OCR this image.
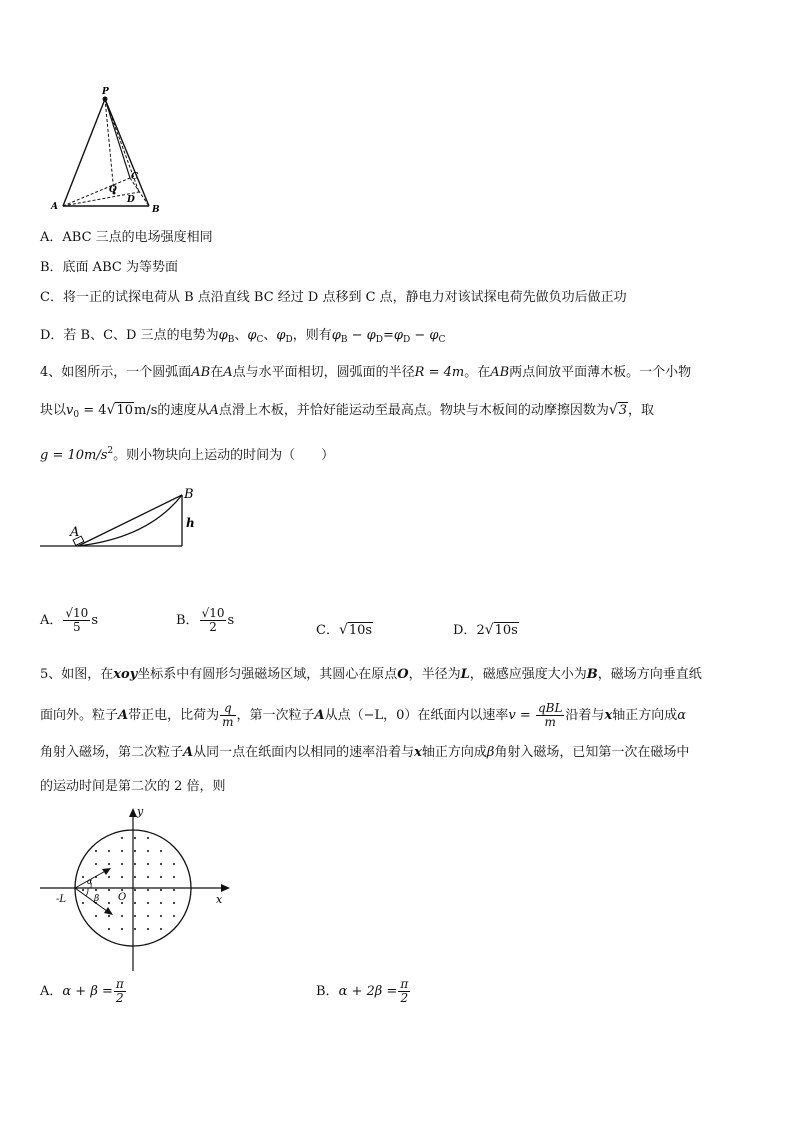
P
A	B
C
D
O
A．ABC 三点的电场强度相同
B．底面 ABC 为等势面
C．将一正的试探电荷从 B 点沿直线 BC 经过 D 点移到 C 点，静电力对该试探电荷先做负功后做正功
D．若 B、C、D 三点的电势为$\varphi_B$、$\varphi_C$、$\varphi_D$，则有$\varphi_B - \varphi_D=\varphi_D - \varphi_C$
4、如图所示，一个圆弧面AB在A点与水平面相切，圆弧面的半径R = 4m。在AB两点间放平面薄木板。一个小物
块以$v_0 = 4√10m/s$的速度从A点滑上木板，并恰好能运动至最高点。物块与木板间的动摩擦因数为√3，取
$g = 10m/s^2$。则小物块向上运动的时间为（　　）
A
B
h
A． $\frac{√10}{5}$ s	B． $\frac{√10}{2}$ s
C．√10s	D．2√10s
5、如图，在xoy坐标系中有圆形匀强磁场区域，其圆心在原点O，半径为L，磁感应强度大小为B，磁场方向垂直纸
面向外。粒子A带正电，比荷为 $\frac{q}{m}$ ，第一次粒子A从点（−L，0）在纸面内以速率$v = \frac{\text{qBL}}{m}$ 沿着与x轴正方向成α
角射入磁场，第二次粒子A从同一点在纸面内以相同的速率沿着与x轴正方向成β角射入磁场，已知第一次在磁场中
的运动时间是第二次的 2 倍，则
y
x
O
-L
α
β
A．$\alpha + \beta = \frac{\pi}{2}$	B．$\alpha + 2\beta = \frac{\pi}{2}$
